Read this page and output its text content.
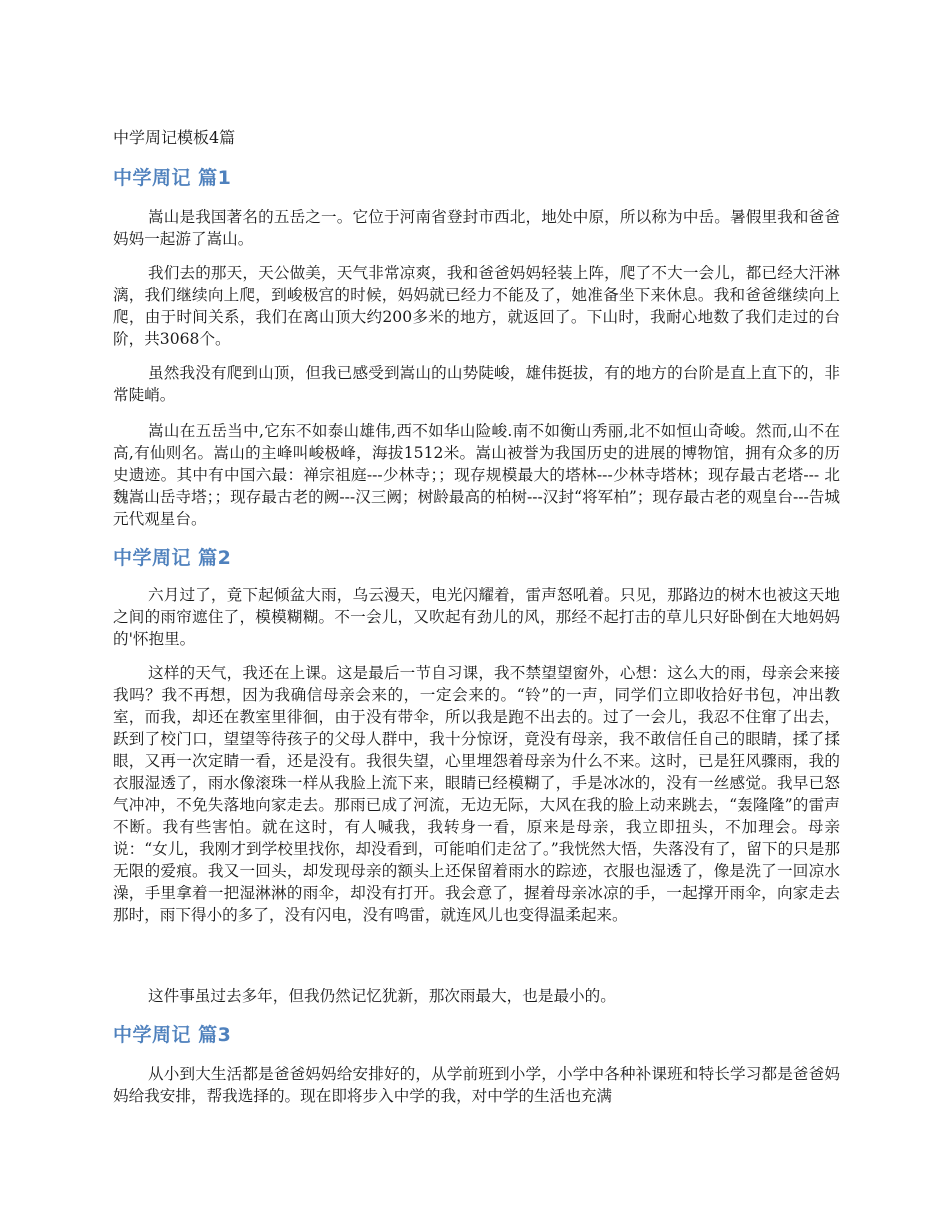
中学周记模板4篇
中学周记 篇1
嵩山是我国著名的五岳之一。它位于河南省登封市西北，地处中原，所以称为中岳。暑假里我和爸爸妈妈一起游了嵩山。
我们去的那天，天公做美，天气非常凉爽，我和爸爸妈妈轻装上阵，爬了不大一会儿，都已经大汗淋漓，我们继续向上爬，到峻极宫的时候，妈妈就已经力不能及了，她准备坐下来休息。我和爸爸继续向上爬，由于时间关系，我们在离山顶大约200多米的地方，就返回了。下山时，我耐心地数了我们走过的台阶，共3068个。
虽然我没有爬到山顶，但我已感受到嵩山的山势陡峻，雄伟挺拔，有的地方的台阶是直上直下的，非常陡峭。
嵩山在五岳当中,它东不如泰山雄伟,西不如华山险峻.南不如衡山秀丽,北不如恒山奇峻。然而,山不在高,有仙则名。嵩山的主峰叫峻极峰，海拔1512米。嵩山被誉为我国历史的进展的博物馆，拥有众多的历史遗迹。其中有中国六最：禅宗祖庭---少林寺；；现存规模最大的塔林---少林寺塔林；现存最古老塔--- 北魏嵩山岳寺塔；；现存最古老的阙---汉三阙；树龄最高的柏树---汉封“将军柏”；现存最古老的观皇台---告城元代观星台。
中学周记 篇2
六月过了，竟下起倾盆大雨，乌云漫天，电光闪耀着，雷声怒吼着。只见，那路边的树木也被这天地之间的雨帘遮住了，模模糊糊。不一会儿，又吹起有劲儿的风，那经不起打击的草儿只好卧倒在大地妈妈的'怀抱里。
这样的天气，我还在上课。这是最后一节自习课，我不禁望望窗外，心想：这么大的雨，母亲会来接我吗？我不再想，因为我确信母亲会来的，一定会来的。“铃”的一声，同学们立即收拾好书包，冲出教室，而我，却还在教室里徘徊，由于没有带伞，所以我是跑不出去的。过了一会儿，我忍不住窜了出去，跃到了校门口，望望等待孩子的父母人群中，我十分惊讶，竟没有母亲，我不敢信任自己的眼睛，揉了揉眼，又再一次定睛一看，还是没有。我很失望，心里埋怨着母亲为什么不来。这时，已是狂风骤雨，我的衣服湿透了，雨水像滚珠一样从我脸上流下来，眼睛已经模糊了，手是冰冰的，没有一丝感觉。我早已怒气冲冲，不免失落地向家走去。那雨已成了河流，无边无际，大风在我的脸上动来跳去，“轰隆隆”的雷声不断。我有些害怕。就在这时，有人喊我，我转身一看，原来是母亲，我立即扭头，不加理会。母亲说：“女儿，我刚才到学校里找你，却没看到，可能咱们走岔了。”我恍然大悟，失落没有了，留下的只是那无限的爱痕。我又一回头，却发现母亲的额头上还保留着雨水的踪迹，衣服也湿透了，像是洗了一回凉水澡，手里拿着一把湿淋淋的雨伞，却没有打开。我会意了，握着母亲冰凉的手，一起撑开雨伞，向家走去那时，雨下得小的多了，没有闪电，没有鸣雷，就连风儿也变得温柔起来。
这件事虽过去多年，但我仍然记忆犹新，那次雨最大，也是最小的。
中学周记 篇3
从小到大生活都是爸爸妈妈给安排好的，从学前班到小学，小学中各种补课班和特长学习都是爸爸妈妈给我安排，帮我选择的。现在即将步入中学的我，对中学的生活也充满
